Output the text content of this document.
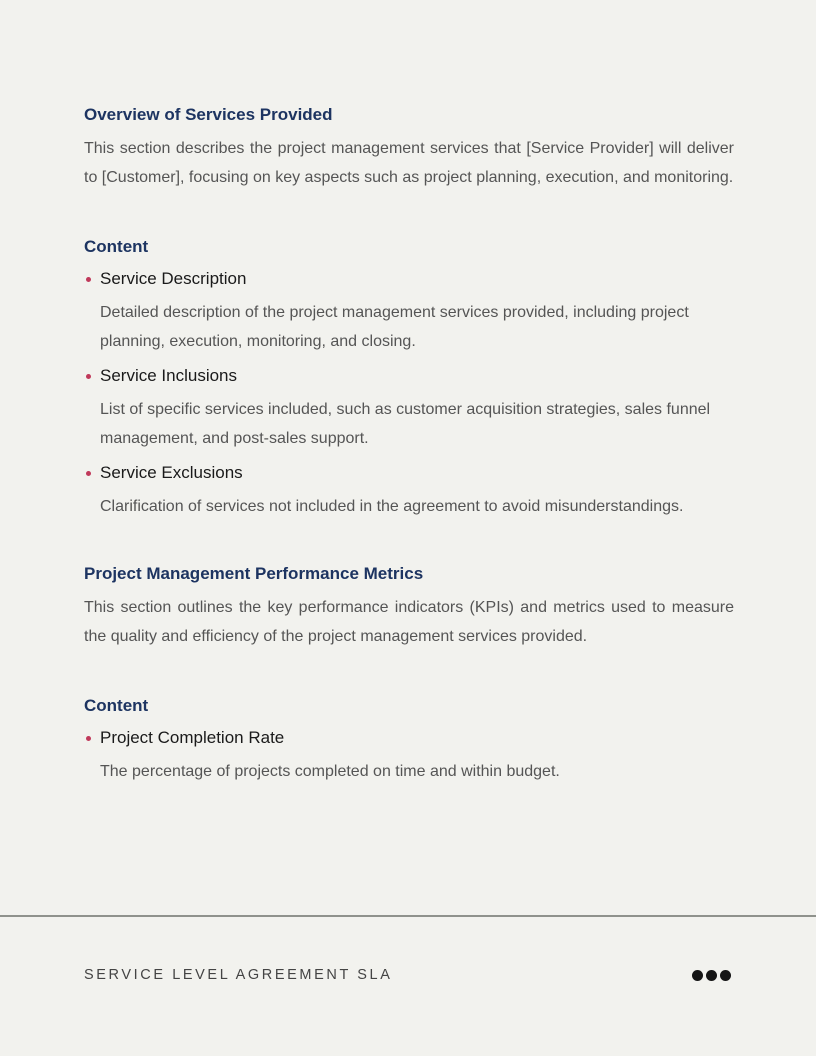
Overview of Services Provided

This section describes the project management services that [Service Provider] will deliver to [Customer], focusing on key aspects such as project planning, execution, and monitoring.

Content
Service Description

Detailed description of the project management services provided, including project planning, execution, monitoring, and closing.

Service Inclusions

List of specific services included, such as customer acquisition strategies, sales funnel management, and post-sales support.

Service Exclusions

Clarification of services not included in the agreement to avoid misunderstandings.

Project Management Performance Metrics

This section outlines the key performance indicators (KPIs) and metrics used to measure the quality and efficiency of the project management services provided.

Content
Project Completion Rate

The percentage of projects completed on time and within budget.

SERVICE LEVEL AGREEMENT SLA
